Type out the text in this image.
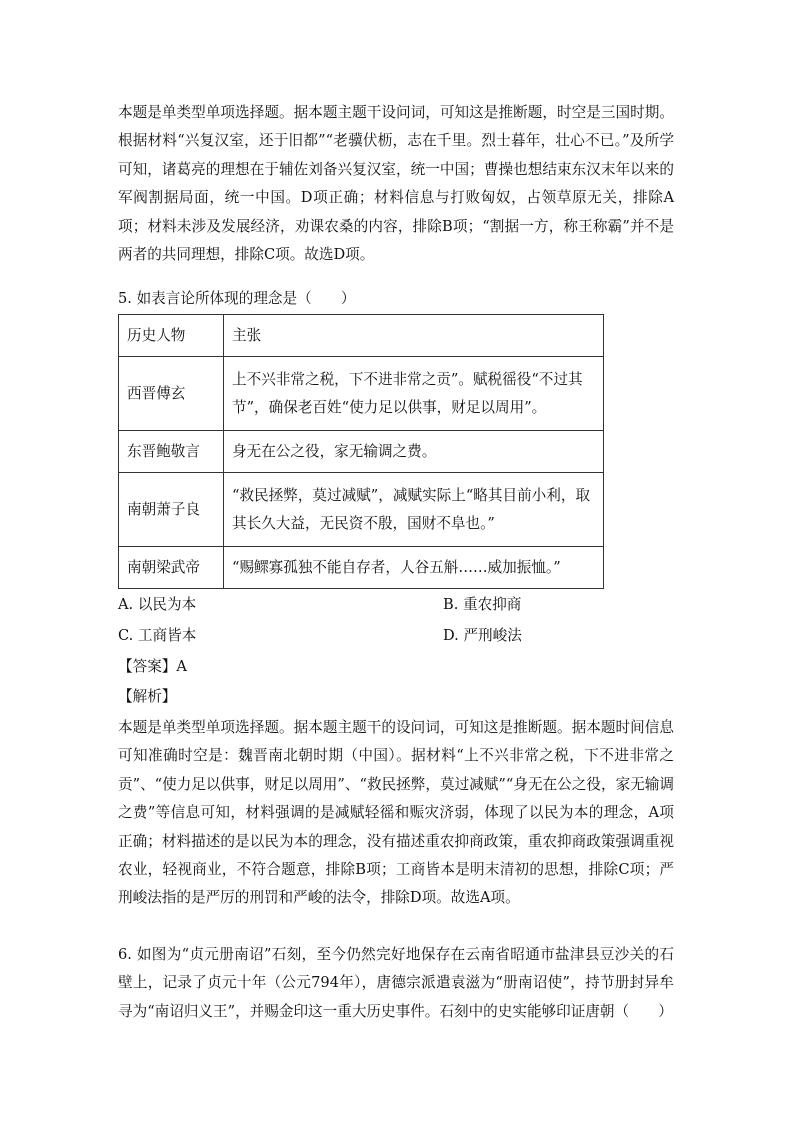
本题是单类型单项选择题。据本题主题干设问词，可知这是推断题，时空是三国时期。根据材料“兴复汉室，还于旧都”“老骥伏枥，志在千里。烈士暮年，壮心不已。”及所学可知，诸葛亮的理想在于辅佐刘备兴复汉室，统一中国；曹操也想结束东汉末年以来的军阀割据局面，统一中国。D项正确；材料信息与打败匈奴，占领草原无关，排除A项；材料未涉及发展经济，劝课农桑的内容，排除B项；“割据一方，称王称霸”并不是两者的共同理想，排除C项。故选D项。

5. 如表言论所体现的理念是（　　）

历史人物	主张
西晋傅玄	上不兴非常之税，下不进非常之贡”。赋税徭役“不过其节”，确保老百姓“使力足以供事，财足以周用”。
东晋鲍敬言	身无在公之役，家无输调之费。
南朝萧子良	“救民拯弊，莫过减赋”，减赋实际上“略其目前小利，取其长久大益，无民资不殷，国财不阜也。”
南朝梁武帝	“赐鳏寡孤独不能自存者，人谷五斛……威加振恤。”
A. 以民为本	B. 重农抑商
C. 工商皆本	D. 严刑峻法
【答案】A
【解析】

本题是单类型单项选择题。据本题主题干的设问词，可知这是推断题。据本题时间信息可知准确时空是：魏晋南北朝时期（中国）。据材料“上不兴非常之税，下不进非常之贡”、“使力足以供事，财足以周用”、“救民拯弊，莫过减赋”“身无在公之役，家无输调之费”等信息可知，材料强调的是减赋轻徭和赈灾济弱，体现了以民为本的理念，A项正确；材料描述的是以民为本的理念，没有描述重农抑商政策，重农抑商政策强调重视农业，轻视商业，不符合题意，排除B项；工商皆本是明末清初的思想，排除C项；严刑峻法指的是严厉的刑罚和严峻的法令，排除D项。故选A项。

6. 如图为“贞元册南诏”石刻，至今仍然完好地保存在云南省昭通市盐津县豆沙关的石壁上，记录了贞元十年（公元794年），唐德宗派遣袁滋为“册南诏使”，持节册封异牟寻为“南诏归义王”，并赐金印这一重大历史事件。石刻中的史实能够印证唐朝（　　）
